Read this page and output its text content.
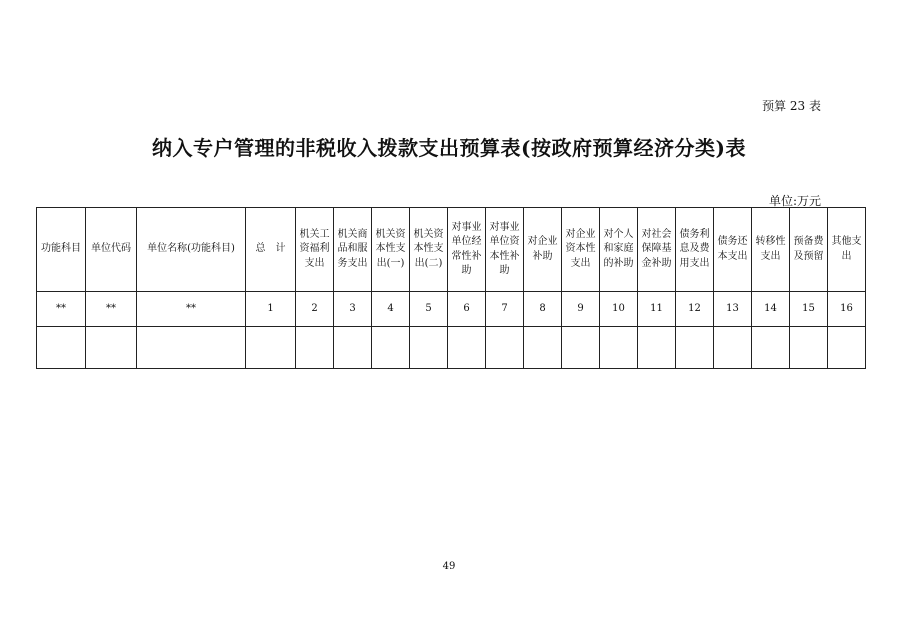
预算 23 表
纳入专户管理的非税收入拨款支出预算表(按政府预算经济分类)表
单位:万元
功能科目	单位代码	单位名称(功能科目)	总　计	机关工
资福利
支出	机关商
品和服
务支出	机关资
本性支
出(一)	机关资
本性支
出(二)	对事业
单位经
常性补
助	对事业
单位资
本性补
助	对企业
补助	对企业
资本性
支出	对个人
和家庭
的补助	对社会
保障基
金补助	债务利
息及费
用支出	债务还
本支出	转移性
支出	预备费
及预留	其他支
出
**	**	**	1	2	3	4	5	6	7	8	9	10	11	12	13	14	15	16

49
